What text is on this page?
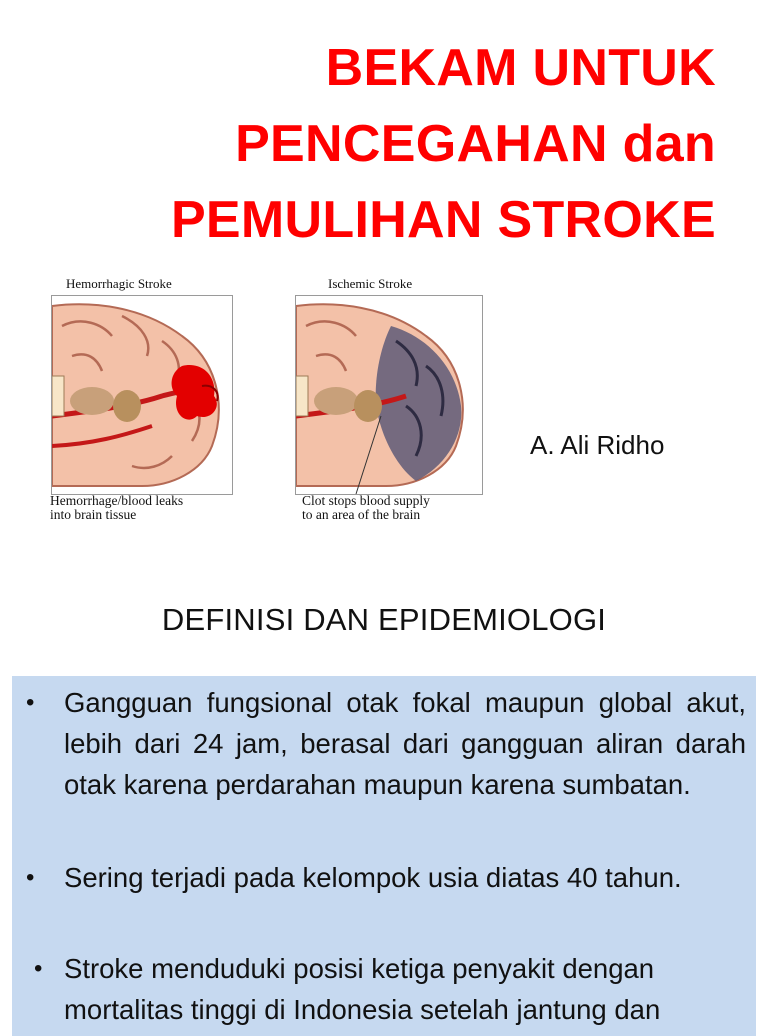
BEKAM UNTUK
PENCEGAHAN dan
PEMULIHAN STROKE
Hemorrhagic Stroke
Hemorrhage/blood leaks
into brain tissue
Ischemic Stroke
Clot stops blood supply
to an area of the brain
A. Ali Ridho
DEFINISI DAN EPIDEMIOLOGI
• Gangguan fungsional otak fokal maupun global akut, lebih dari 24 jam, berasal dari gangguan aliran darah otak karena perdarahan maupun karena sumbatan.
• Sering terjadi pada kelompok usia diatas 40 tahun.
• Stroke menduduki posisi ketiga penyakit dengan mortalitas tinggi di Indonesia setelah jantung dan
